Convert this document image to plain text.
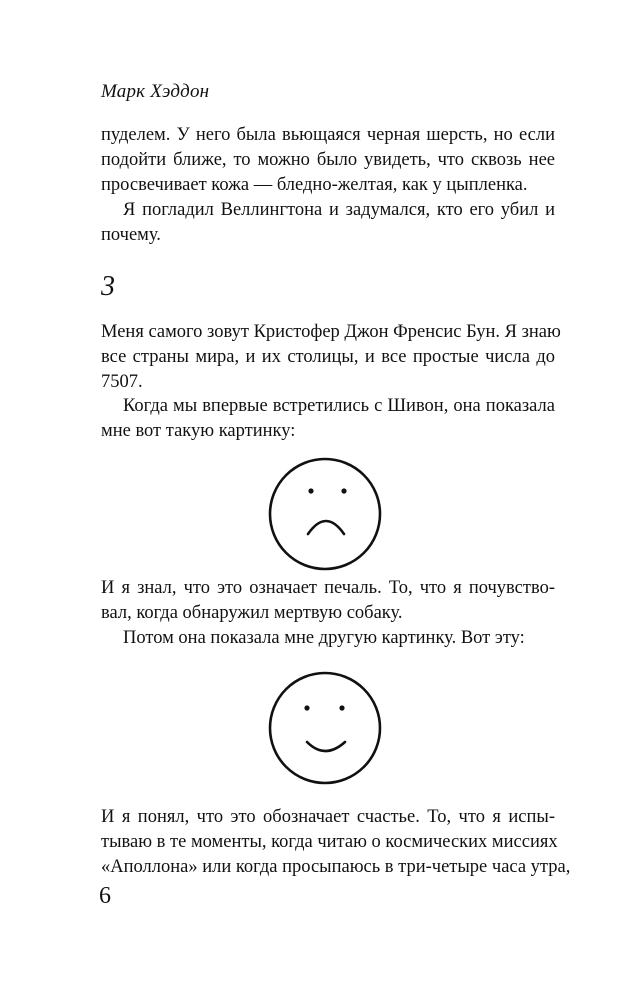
Марк Хэддон
пуделем. У него была вьющаяся черная шерсть, но если
подойти ближе, то можно было увидеть, что сквозь нее
просвечивает кожа — бледно-желтая, как у цыпленка.
Я погладил Веллингтона и задумался, кто его убил и
почему.
3
Меня самого зовут Кристофер Джон Френсис Бун. Я знаю
все страны мира, и их столицы, и все простые числа до
7507.
Когда мы впервые встретились с Шивон, она показала
мне вот такую картинку:
И я знал, что это означает печаль. То, что я почувство-
вал, когда обнаружил мертвую собаку.
Потом она показала мне другую картинку. Вот эту:
И я понял, что это обозначает счастье. То, что я испы-
тываю в те моменты, когда читаю о космических миссиях
«Аполлона» или когда просыпаюсь в три-четыре часа утра,
6
